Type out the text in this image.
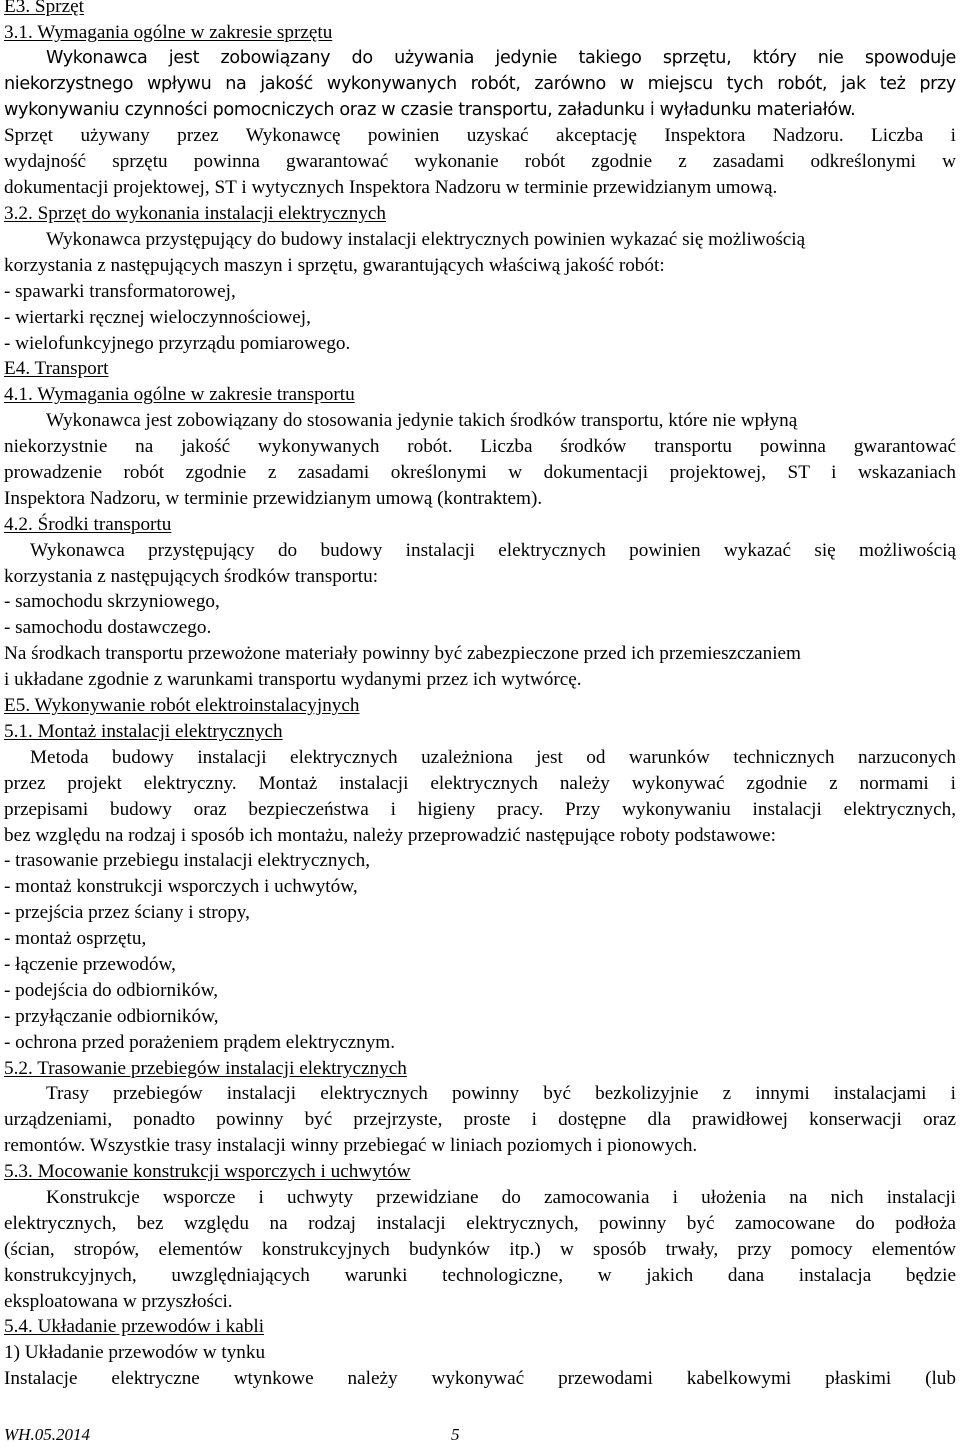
E3. Sprzęt
3.1. Wymagania ogólne w zakresie sprzętu
Wykonawca jest zobowiązany do używania jedynie takiego sprzętu, który nie spowoduje
niekorzystnego wpływu na jakość wykonywanych robót, zarówno w miejscu tych robót, jak też przy
wykonywaniu czynności pomocniczych oraz w czasie transportu, załadunku i wyładunku materiałów.
Sprzęt używany przez Wykonawcę powinien uzyskać akceptację Inspektora Nadzoru. Liczba i
wydajność sprzętu powinna gwarantować wykonanie robót zgodnie z zasadami odkreślonymi w
dokumentacji projektowej, ST i wytycznych Inspektora Nadzoru w terminie przewidzianym umową.
3.2. Sprzęt do wykonania instalacji elektrycznych
Wykonawca przystępujący do budowy instalacji elektrycznych powinien wykazać się możliwością
korzystania z następujących maszyn i sprzętu, gwarantujących właściwą jakość robót:
- spawarki transformatorowej,
- wiertarki ręcznej wieloczynnościowej,
- wielofunkcyjnego przyrządu pomiarowego.
E4. Transport
4.1. Wymagania ogólne w zakresie transportu
Wykonawca jest zobowiązany do stosowania jedynie takich środków transportu, które nie wpłyną
niekorzystnie na jakość wykonywanych robót. Liczba środków transportu powinna gwarantować
prowadzenie robót zgodnie z zasadami określonymi w dokumentacji projektowej, ST i wskazaniach
Inspektora Nadzoru, w terminie przewidzianym umową (kontraktem).
4.2. Środki transportu
Wykonawca przystępujący do budowy instalacji elektrycznych powinien wykazać się możliwością
korzystania z następujących środków transportu:
- samochodu skrzyniowego,
- samochodu dostawczego.
Na środkach transportu przewożone materiały powinny być zabezpieczone przed ich przemieszczaniem
i układane zgodnie z warunkami transportu wydanymi przez ich wytwórcę.
E5. Wykonywanie robót elektroinstalacyjnych
5.1. Montaż instalacji elektrycznych
Metoda budowy instalacji elektrycznych uzależniona jest od warunków technicznych narzuconych
przez projekt elektryczny. Montaż instalacji elektrycznych należy wykonywać zgodnie z normami i
przepisami budowy oraz bezpieczeństwa i higieny pracy. Przy wykonywaniu instalacji elektrycznych,
bez względu na rodzaj i sposób ich montażu, należy przeprowadzić następujące roboty podstawowe:
- trasowanie przebiegu instalacji elektrycznych,
- montaż konstrukcji wsporczych i uchwytów,
- przejścia przez ściany i stropy,
- montaż osprzętu,
- łączenie przewodów,
- podejścia do odbiorników,
- przyłączanie odbiorników,
- ochrona przed porażeniem prądem elektrycznym.
5.2. Trasowanie przebiegów instalacji elektrycznych
Trasy przebiegów instalacji elektrycznych powinny być bezkolizyjnie z innymi instalacjami i
urządzeniami, ponadto powinny być przejrzyste, proste i dostępne dla prawidłowej konserwacji oraz
remontów. Wszystkie trasy instalacji winny przebiegać w liniach poziomych i pionowych.
5.3. Mocowanie konstrukcji wsporczych i uchwytów
Konstrukcje wsporcze i uchwyty przewidziane do zamocowania i ułożenia na nich instalacji
elektrycznych, bez względu na rodzaj instalacji elektrycznych, powinny być zamocowane do podłoża
(ścian, stropów, elementów konstrukcyjnych budynków itp.) w sposób trwały, przy pomocy elementów
konstrukcyjnych, uwzględniających warunki technologiczne, w jakich dana instalacja będzie
eksploatowana w przyszłości.
5.4. Układanie przewodów i kabli
1) Układanie przewodów w tynku
Instalacje elektryczne wtynkowe należy wykonywać przewodami kabelkowymi płaskimi (lub
WH.05.2014	5
